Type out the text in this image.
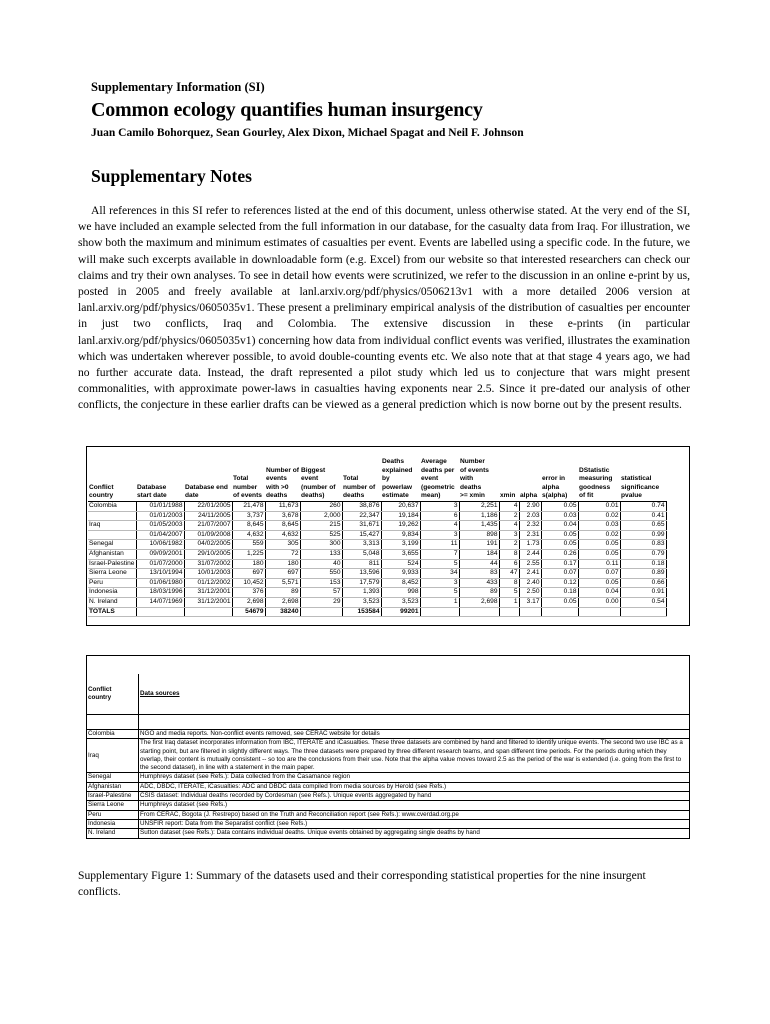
Supplementary Information (SI)
Common ecology quantifies human insurgency
Juan Camilo Bohorquez, Sean Gourley, Alex Dixon, Michael Spagat and Neil F. Johnson
Supplementary Notes
All references in this SI refer to references listed at the end of this document, unless otherwise stated. At the very end of the SI, we have included an example selected from the full information in our database, for the casualty data from Iraq. For illustration, we show both the maximum and minimum estimates of casualties per event. Events are labelled using a specific code. In the future, we will make such excerpts available in downloadable form (e.g. Excel) from our website so that interested researchers can check our claims and try their own analyses. To see in detail how events were scrutinized, we refer to the discussion in an online e-print by us, posted in 2005 and freely available at lanl.arxiv.org/pdf/physics/0506213v1 with a more detailed 2006 version at lanl.arxiv.org/pdf/physics/0605035v1. These present a preliminary empirical analysis of the distribution of casualties per encounter in just two conflicts, Iraq and Colombia. The extensive discussion in these e-prints (in particular lanl.arxiv.org/pdf/physics/0605035v1) concerning how data from individual conflict events was verified, illustrates the examination which was undertaken wherever possible, to avoid double-counting events etc. We also note that at that stage 4 years ago, we had no further accurate data. Instead, the draft represented a pilot study which led us to conjecture that wars might present commonalities, with approximate power-laws in casualties having exponents near 2.5. Since it pre-dated our analysis of other conflicts, the conjecture in these earlier drafts can be viewed as a general prediction which is now borne out by the present results.
Conflict
country	Database
start date	Database end
date	Total
number
of events	Number of
events
with >0
deaths	Biggest
event
(number of
deaths)	Total
number of
deaths	Deaths
explained
by
powerlaw
estimate	Average
deaths per
event
(geometric
mean)	Number
of events
with
deaths
>= xmin	xmin	alpha	error in
alpha
s(alpha)	DStatistic
measuring
goodness
of fit	statistical
significance
pvalue
Colombia	01/01/1988	22/01/2005	21,478	11,673	260	38,876	20,637	3	2,251	4	2.90	0.05	0.01	0.74
	01/01/2003	24/11/2005	3,737	3,678	2,000	22,347	19,184	6	1,186	2	2.03	0.03	0.02	0.41
Iraq	01/05/2003	21/07/2007	8,645	8,645	215	31,671	19,262	4	1,435	4	2.32	0.04	0.03	0.65
	01/04/2007	01/09/2008	4,632	4,632	525	15,427	9,834	3	898	3	2.31	0.05	0.02	0.99
Senegal	10/06/1982	04/02/2005	559	305	300	3,313	3,199	11	191	2	1.73	0.05	0.05	0.83
Afghanistan	09/09/2001	29/10/2005	1,225	72	133	5,048	3,655	7	184	8	2.44	0.26	0.05	0.79
Israel-Palestine	01/07/2000	31/07/2002	180	180	40	811	524	5	44	6	2.55	0.17	0.11	0.18
Sierra Leone	13/10/1994	10/01/2003	697	697	550	13,596	9,933	34	83	47	2.41	0.07	0.07	0.89
Peru	01/06/1980	01/12/2002	10,452	5,571	153	17,579	8,452	3	433	8	2.40	0.12	0.05	0.66
Indonesia	18/03/1996	31/12/2001	376	89	57	1,393	998	5	89	5	2.50	0.18	0.04	0.91
N. Ireland	14/07/1969	31/12/2001	2,698	2,698	29	3,523	3,523	1	2,698	1	3.17	0.05	0.00	0.54
TOTALS			54679	38240		153584	99201							
Conflict
country	Data sources

Colombia	NGO and media reports. Non-conflict events removed, see CERAC website for details
Iraq	The first Iraq dataset incorporates information from IBC, ITERATE and iCasualties. These three datasets are combined by hand and filtered to identify unique events. The second two use IBC as a starting point, but are filtered in slightly different ways. The three datasets were prepared by three different research teams, and span different time periods. For the periods during which they overlap, their content is mutually consistent -- so too are the conclusions from their use. Note that the alpha value moves toward 2.5 as the period of the war is extended (i.e. going from the first to the second dataset), in line with a statement in the main paper.
Senegal	Humphreys dataset (see Refs.): Data collected from the Casamance region
Afghanistan	ADC, DBDC, ITERATE, iCasualties: ADC and DBDC data compiled from media sources by Herold (see Refs.)
Israel-Palestine	CSIS dataset: Individual deaths recorded by Cordesman (see Refs.). Unique events aggregated by hand
Sierra Leone	Humphreys dataset (see Refs.)
Peru	From CERAC, Bogota (J. Restrepo) based on the Truth and Reconciliation report (see Refs.): www.cverdad.org.pe
Indonesia	UNSFIR report: Data from the Separatist conflict (see Refs.)
N. Ireland	Sutton dataset (see Refs.): Data contains individual deaths. Unique events obtained by aggregating single deaths by hand
Supplementary Figure 1: Summary of the datasets used and their corresponding statistical properties for the nine insurgent conflicts.
